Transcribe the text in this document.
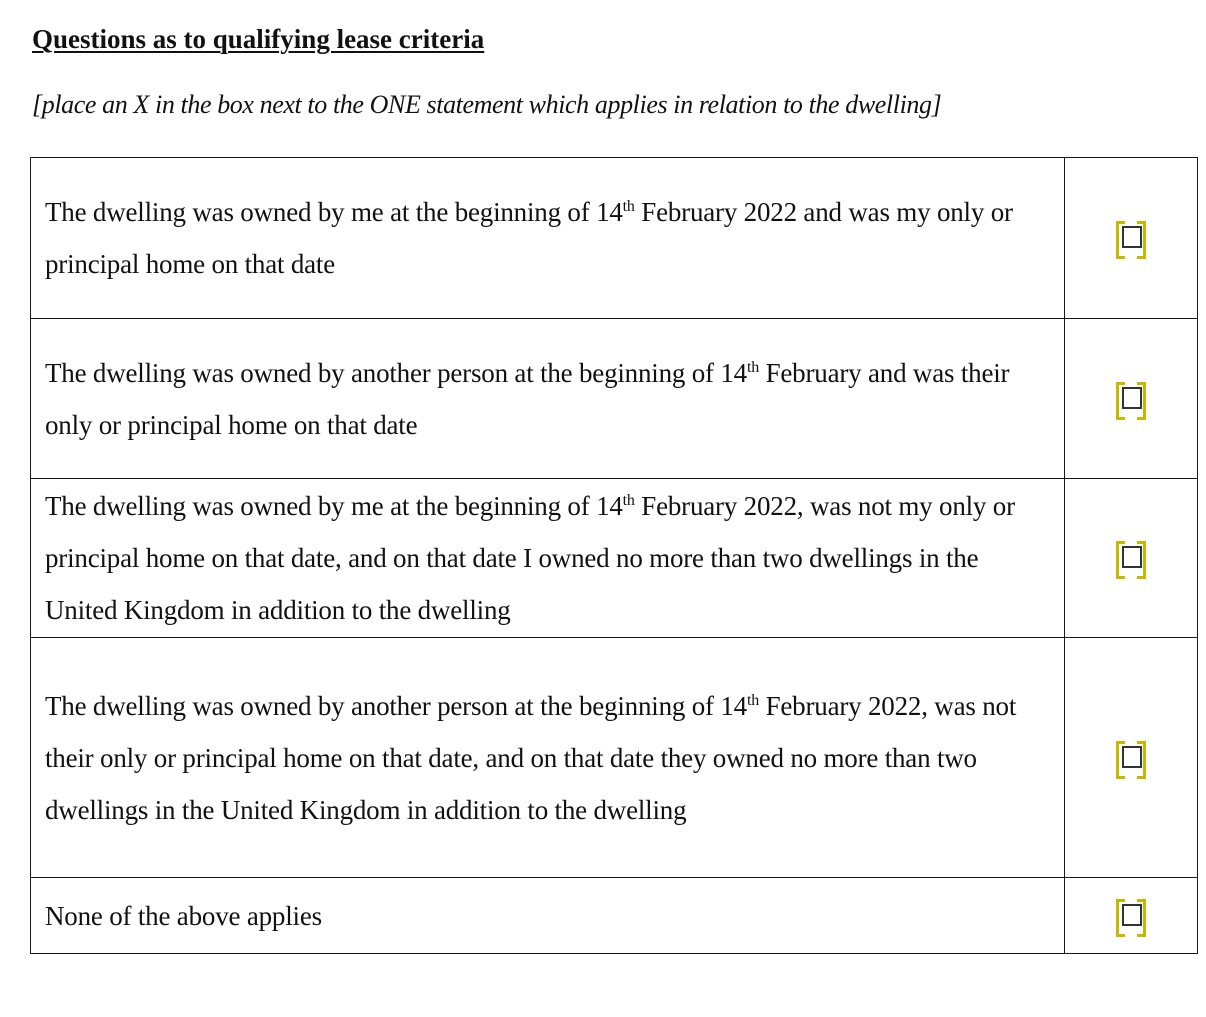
Questions as to qualifying lease criteria
[place an X in the box next to the ONE statement which applies in relation to the dwelling]
The dwelling was owned by me at the beginning of 14th February 2022 and was my only or principal home on that date	

The dwelling was owned by another person at the beginning of 14th February and was their only or principal home on that date	

The dwelling was owned by me at the beginning of 14th February 2022, was not my only or principal home on that date, and on that date I owned no more than two dwellings in the United Kingdom in addition to the dwelling	

The dwelling was owned by another person at the beginning of 14th February 2022, was not their only or principal home on that date, and on that date they owned no more than two dwellings in the United Kingdom in addition to the dwelling	

None of the above applies	
